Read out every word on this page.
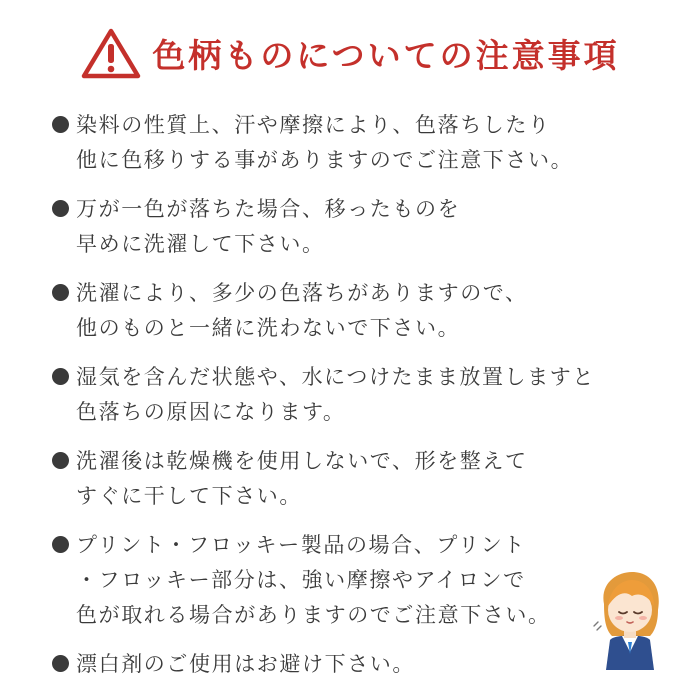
色柄ものについての注意事項
染料の性質上、汗や摩擦により、色落ちしたり
他に色移りする事がありますのでご注意下さい。
万が一色が落ちた場合、移ったものを
早めに洗濯して下さい。
洗濯により、多少の色落ちがありますので、
他のものと一緒に洗わないで下さい。
湿気を含んだ状態や、水につけたまま放置しますと
色落ちの原因になります。
洗濯後は乾燥機を使用しないで、形を整えて
すぐに干して下さい。
プリント・フロッキー製品の場合、プリント
・フロッキー部分は、強い摩擦やアイロンで
色が取れる場合がありますのでご注意下さい。
漂白剤のご使用はお避け下さい。
